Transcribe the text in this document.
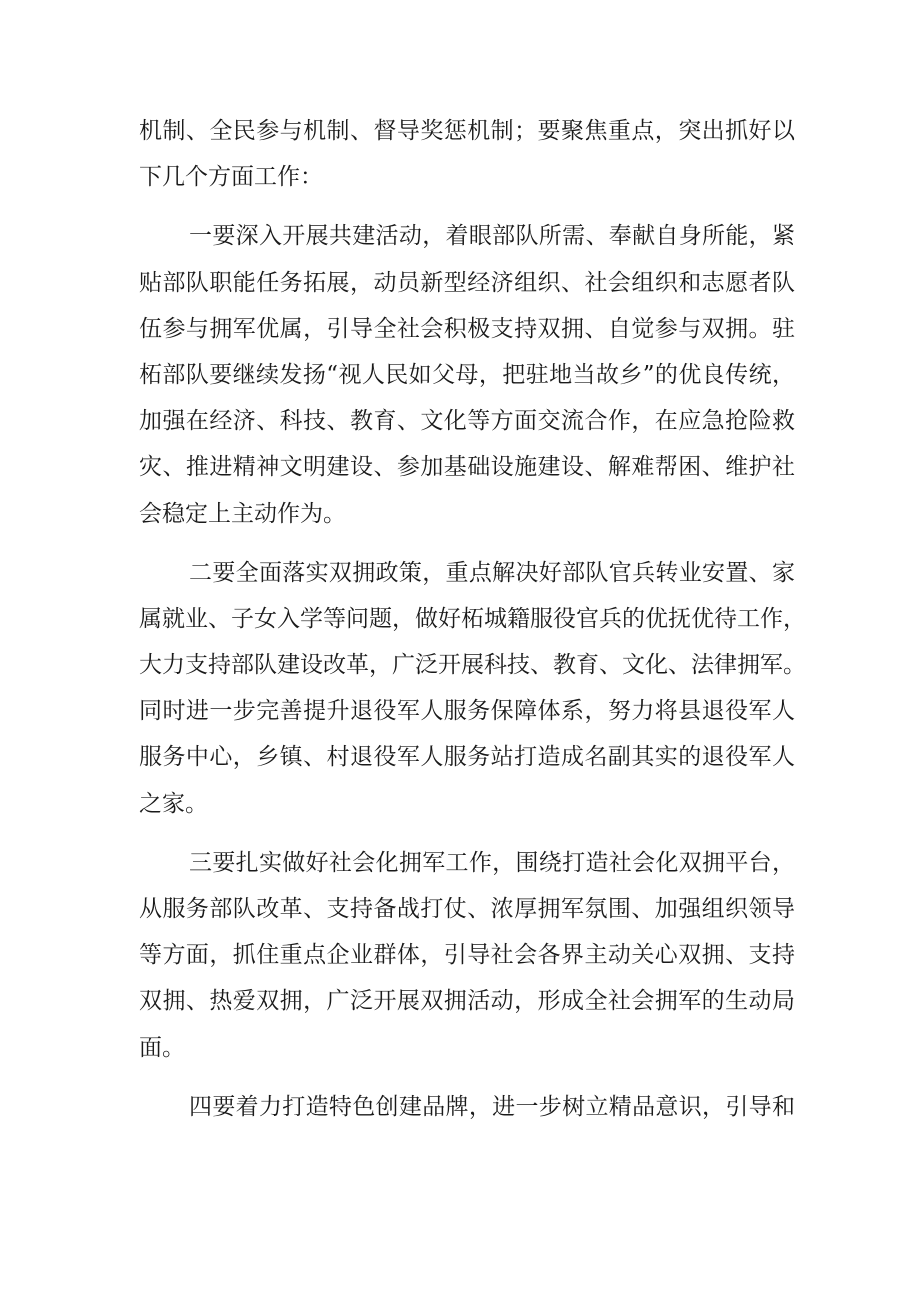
机制、全民参与机制、督导奖惩机制；要聚焦重点，突出抓好以
下几个方面工作：
一要深入开展共建活动，着眼部队所需、奉献自身所能，紧
贴部队职能任务拓展，动员新型经济组织、社会组织和志愿者队
伍参与拥军优属，引导全社会积极支持双拥、自觉参与双拥。驻
柘部队要继续发扬“视人民如父母，把驻地当故乡”的优良传统，
加强在经济、科技、教育、文化等方面交流合作，在应急抢险救
灾、推进精神文明建设、参加基础设施建设、解难帮困、维护社
会稳定上主动作为。
二要全面落实双拥政策，重点解决好部队官兵转业安置、家
属就业、子女入学等问题，做好柘城籍服役官兵的优抚优待工作，
大力支持部队建设改革，广泛开展科技、教育、文化、法律拥军。
同时进一步完善提升退役军人服务保障体系，努力将县退役军人
服务中心，乡镇、村退役军人服务站打造成名副其实的退役军人
之家。
三要扎实做好社会化拥军工作，围绕打造社会化双拥平台，
从服务部队改革、支持备战打仗、浓厚拥军氛围、加强组织领导
等方面，抓住重点企业群体，引导社会各界主动关心双拥、支持
双拥、热爱双拥，广泛开展双拥活动，形成全社会拥军的生动局
面。
四要着力打造特色创建品牌，进一步树立精品意识，引导和
